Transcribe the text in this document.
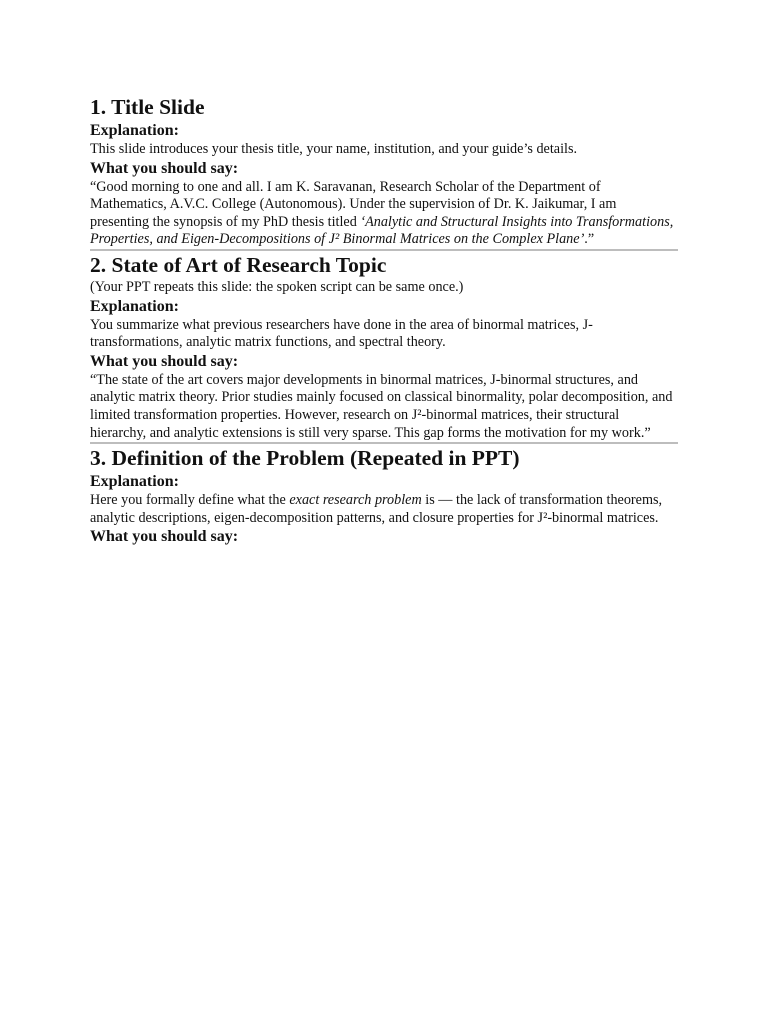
1. Title Slide
Explanation:

This slide introduces your thesis title, your name, institution, and your guide’s details.

What you should say:

“Good morning to one and all. I am K. Saravanan, Research Scholar of the Department of Mathematics, A.V.C. College (Autonomous). Under the supervision of Dr. K. Jaikumar, I am presenting the synopsis of my PhD thesis titled ‘Analytic and Structural Insights into Transformations, Properties, and Eigen-Decompositions of J² Binormal Matrices on the Complex Plane’.”

2. State of Art of Research Topic

(Your PPT repeats this slide: the spoken script can be same once.)

Explanation:

You summarize what previous researchers have done in the area of binormal matrices, J-transformations, analytic matrix functions, and spectral theory.

What you should say:

“The state of the art covers major developments in binormal matrices, J-binormal structures, and analytic matrix theory. Prior studies mainly focused on classical binormality, polar decomposition, and limited transformation properties. However, research on J²-binormal matrices, their structural hierarchy, and analytic extensions is still very sparse. This gap forms the motivation for my work.”

3. Definition of the Problem (Repeated in PPT)
Explanation:

Here you formally define what the exact research problem is — the lack of transformation theorems, analytic descriptions, eigen-decomposition patterns, and closure properties for J²-binormal matrices.

What you should say:
